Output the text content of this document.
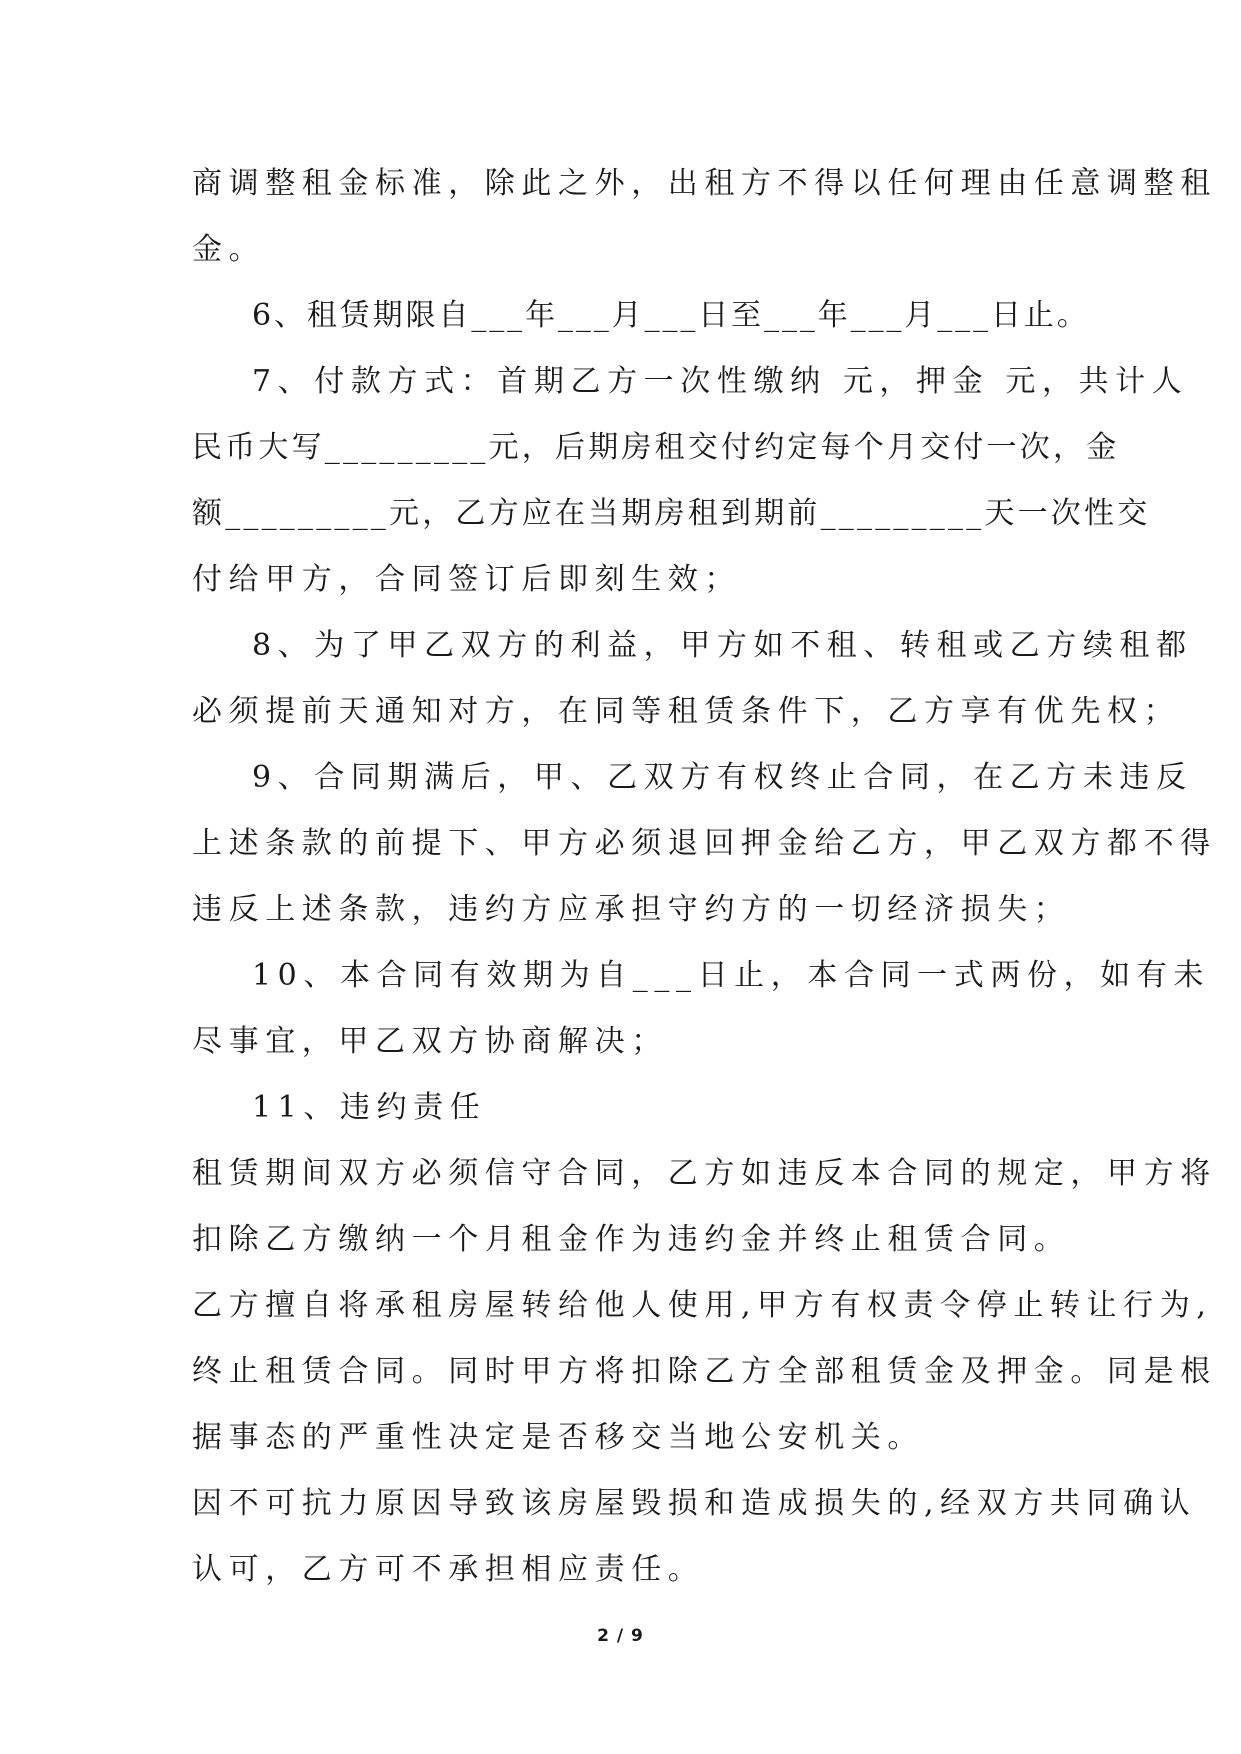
商调整租金标准，除此之外，出租方不得以任何理由任意调整租
金。
6、租赁期限自___年___月___日至___年___月___日止。
7、付款方式：首期乙方一次性缴纳 元，押金 元，共计人
民币大写_________元，后期房租交付约定每个月交付一次，金
额_________元，乙方应在当期房租到期前_________天一次性交
付给甲方，合同签订后即刻生效；
8、为了甲乙双方的利益，甲方如不租、转租或乙方续租都
必须提前天通知对方，在同等租赁条件下，乙方享有优先权；
9、合同期满后，甲、乙双方有权终止合同，在乙方未违反
上述条款的前提下、甲方必须退回押金给乙方，甲乙双方都不得
违反上述条款，违约方应承担守约方的一切经济损失；
10、本合同有效期为自___日止，本合同一式两份，如有未
尽事宜，甲乙双方协商解决；
11、违约责任
租赁期间双方必须信守合同，乙方如违反本合同的规定，甲方将
扣除乙方缴纳一个月租金作为违约金并终止租赁合同。
乙方擅自将承租房屋转给他人使用,甲方有权责令停止转让行为,
终止租赁合同。同时甲方将扣除乙方全部租赁金及押金。同是根
据事态的严重性决定是否移交当地公安机关。
因不可抗力原因导致该房屋毁损和造成损失的,经双方共同确认
认可，乙方可不承担相应责任。
2 / 9
